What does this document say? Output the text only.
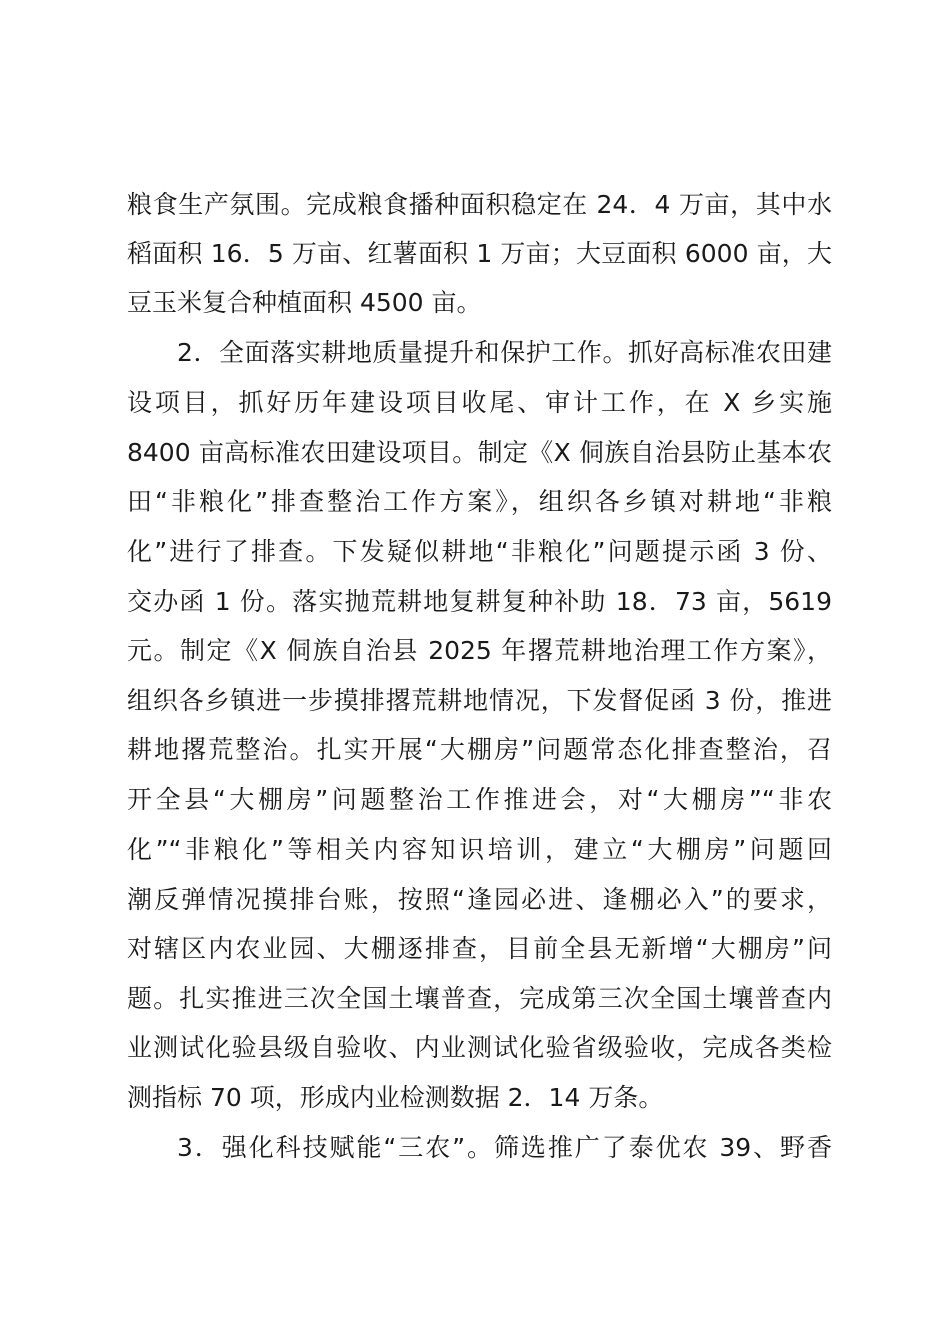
粮食生产氛围。完成粮食播种面积稳定在 24．4 万亩，其中水
稻面积 16．5 万亩、红薯面积 1 万亩；大豆面积 6000 亩，大
豆玉米复合种植面积 4500 亩。
2．全面落实耕地质量提升和保护工作。抓好高标准农田建
设项目，抓好历年建设项目收尾、审计工作，在 X 乡实施
8400 亩高标准农田建设项目。制定《X 侗族自治县防止基本农
田“非粮化”排查整治工作方案》，组织各乡镇对耕地“非粮
化”进行了排查。下发疑似耕地“非粮化”问题提示函 3 份、
交办函 1 份。落实抛荒耕地复耕复种补助 18．73 亩，5619
元。制定《X 侗族自治县 2025 年撂荒耕地治理工作方案》，
组织各乡镇进一步摸排撂荒耕地情况，下发督促函 3 份，推进
耕地撂荒整治。扎实开展“大棚房”问题常态化排查整治，召
开全县“大棚房”问题整治工作推进会，对“大棚房”“非农
化”“非粮化”等相关内容知识培训，建立“大棚房”问题回
潮反弹情况摸排台账，按照“逢园必进、逢棚必入”的要求，
对辖区内农业园、大棚逐排查，目前全县无新增“大棚房”问
题。扎实推进三次全国土壤普查，完成第三次全国土壤普查内
业测试化验县级自验收、内业测试化验省级验收，完成各类检
测指标 70 项，形成内业检测数据 2．14 万条。
3．强化科技赋能“三农”。筛选推广了泰优农 39、野香
